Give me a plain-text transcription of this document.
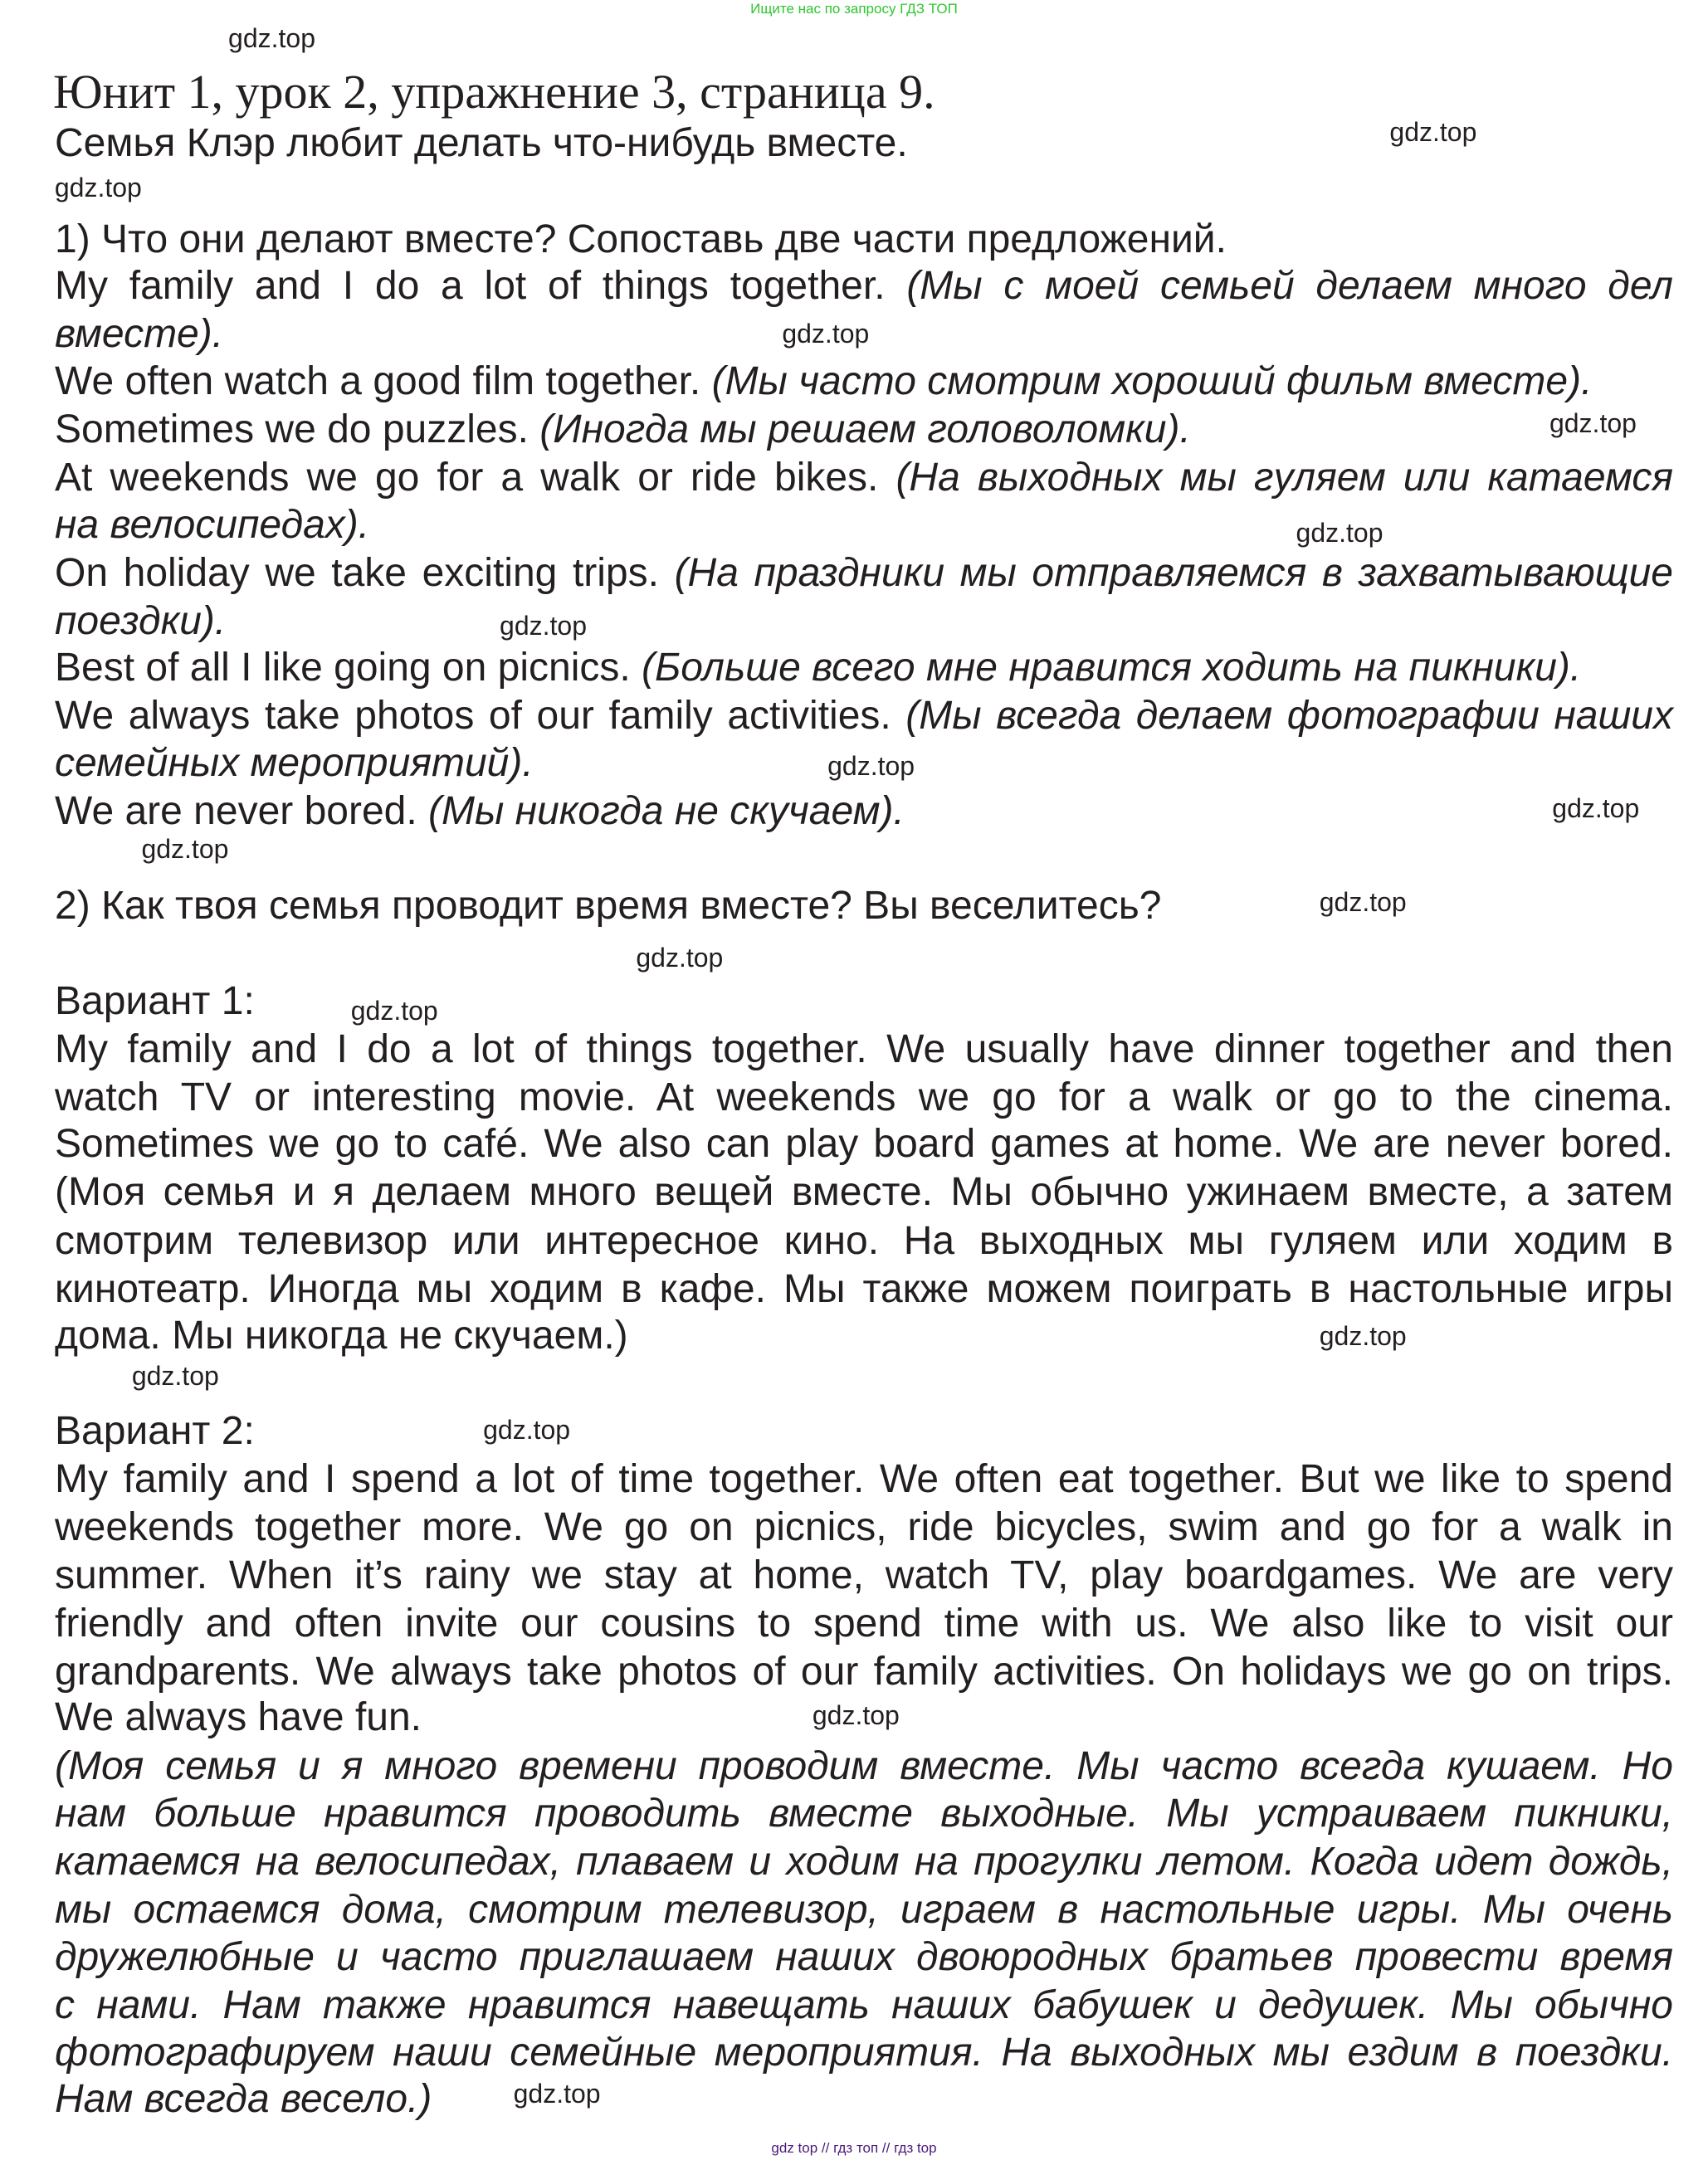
Ищите нас по запросу ГДЗ ТОП
Юнит 1, урок 2, упражнение 3, страница 9.
Семья Клэр любит делать что-нибудь вместе.
1) Что они делают вместе? Сопоставь две части предложений.
My family and I do a lot of things together. (Мы с моей семьей делаем много дел
вместе).
We often watch a good film together. (Мы часто смотрим хороший фильм вместе).
Sometimes we do puzzles. (Иногда мы решаем головоломки).
At weekends we go for a walk or ride bikes. (На выходных мы гуляем или катаемся
на велосипедах).
On holiday we take exciting trips. (На праздники мы отправляемся в захватывающие
поездки).
Best of all I like going on picnics. (Больше всего мне нравится ходить на пикники).
We always take photos of our family activities. (Мы всегда делаем фотографии наших
семейных мероприятий).
We are never bored. (Мы никогда не скучаем).
2) Как твоя семья проводит время вместе? Вы веселитесь?
Вариант 1:
My family and I do a lot of things together. We usually have dinner together and then
watch TV or interesting movie. At weekends we go for a walk or go to the cinema.
Sometimes we go to café. We also can play board games at home. We are never bored.
(Моя семья и я делаем много вещей вместе. Мы обычно ужинаем вместе, а затем
смотрим телевизор или интересное кино. На выходных мы гуляем или ходим в
кинотеатр. Иногда мы ходим в кафе. Мы также можем поиграть в настольные игры
дома. Мы никогда не скучаем.)
Вариант 2:
My family and I spend a lot of time together. We often eat together. But we like to spend
weekends together more. We go on picnics, ride bicycles, swim and go for a walk in
summer. When it’s rainy we stay at home, watch TV, play boardgames. We are very
friendly and often invite our cousins to spend time with us. We also like to visit our
grandparents. We always take photos of our family activities. On holidays we go on trips.
We always have fun.
(Моя семья и я много времени проводим вместе. Мы часто всегда кушаем. Но
нам больше нравится проводить вместе выходные. Мы устраиваем пикники,
катаемся на велосипедах, плаваем и ходим на прогулки летом. Когда идет дождь,
мы остаемся дома, смотрим телевизор, играем в настольные игры. Мы очень
дружелюбные и часто приглашаем наших двоюродных братьев провести время
с нами. Нам также нравится навещать наших бабушек и дедушек. Мы обычно
фотографируем наши семейные мероприятия. На выходных мы ездим в поездки.
Нам всегда весело.)
gdz top // гдз топ // гдз top
gdz.top
gdz.top
gdz.top
gdz.top
gdz.top
gdz.top
gdz.top
gdz.top
gdz.top
gdz.top
gdz.top
gdz.top
gdz.top
gdz.top
gdz.top
gdz.top
gdz.top
gdz.top
